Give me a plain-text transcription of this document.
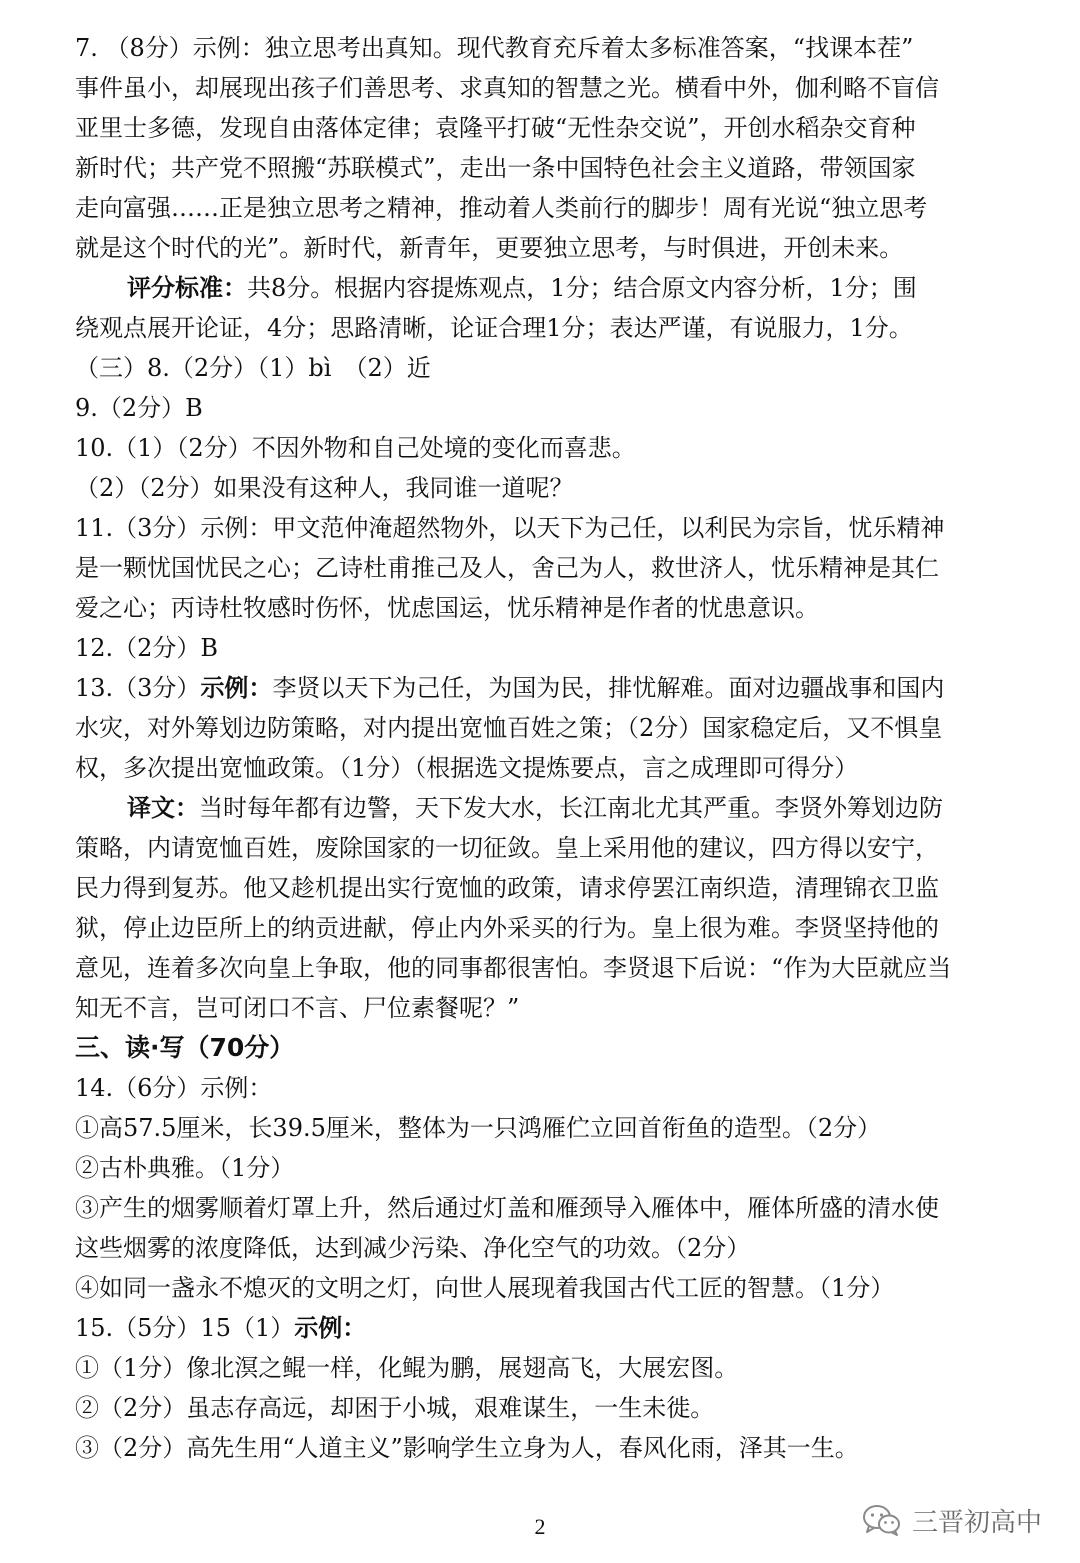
7. （8分）示例：独立思考出真知。现代教育充斥着太多标准答案，“找课本茬”
事件虽小，却展现出孩子们善思考、求真知的智慧之光。横看中外，伽利略不盲信
亚里士多德，发现自由落体定律；袁隆平打破“无性杂交说”，开创水稻杂交育种
新时代；共产党不照搬“苏联模式”，走出一条中国特色社会主义道路，带领国家
走向富强……正是独立思考之精神，推动着人类前行的脚步！周有光说“独立思考
就是这个时代的光”。新时代，新青年，更要独立思考，与时俱进，开创未来。
评分标准：共8分。根据内容提炼观点，1分；结合原文内容分析，1分；围
绕观点展开论证，4分；思路清晰，论证合理1分；表达严谨，有说服力，1分。
（三）8.（2分）（1）bì　（2）近
9.（2分）B
10.（1）（2分）不因外物和自己处境的变化而喜悲。
（2）（2分）如果没有这种人，我同谁一道呢？
11.（3分）示例：甲文范仲淹超然物外，以天下为己任，以利民为宗旨，忧乐精神
是一颗忧国忧民之心；乙诗杜甫推己及人，舍己为人，救世济人，忧乐精神是其仁
爱之心；丙诗杜牧感时伤怀，忧虑国运，忧乐精神是作者的忧患意识。
12.（2分）B
13.（3分）示例：李贤以天下为己任，为国为民，排忧解难。面对边疆战事和国内
水灾，对外筹划边防策略，对内提出宽恤百姓之策；（2分）国家稳定后，又不惧皇
权，多次提出宽恤政策。（1分）（根据选文提炼要点，言之成理即可得分）
译文：当时每年都有边警，天下发大水，长江南北尤其严重。李贤外筹划边防
策略，内请宽恤百姓，废除国家的一切征敛。皇上采用他的建议，四方得以安宁，
民力得到复苏。他又趁机提出实行宽恤的政策，请求停罢江南织造，清理锦衣卫监
狱，停止边臣所上的纳贡进献，停止内外采买的行为。皇上很为难。李贤坚持他的
意见，连着多次向皇上争取，他的同事都很害怕。李贤退下后说：“作为大臣就应当
知无不言，岂可闭口不言、尸位素餐呢？”
三、读·写（70分）
14.（6分）示例：
①高57.5厘米，长39.5厘米，整体为一只鸿雁伫立回首衔鱼的造型。（2分）
②古朴典雅。（1分）
③产生的烟雾顺着灯罩上升，然后通过灯盖和雁颈导入雁体中，雁体所盛的清水使
这些烟雾的浓度降低，达到减少污染、净化空气的功效。（2分）
④如同一盏永不熄灭的文明之灯，向世人展现着我国古代工匠的智慧。（1分）
15.（5分）15（1）示例：
①（1分）像北溟之鲲一样，化鲲为鹏，展翅高飞，大展宏图。
②（2分）虽志存高远，却困于小城，艰难谋生，一生未徙。
③（2分）高先生用“人道主义”影响学生立身为人，春风化雨，泽其一生。
2	三晋初高中
